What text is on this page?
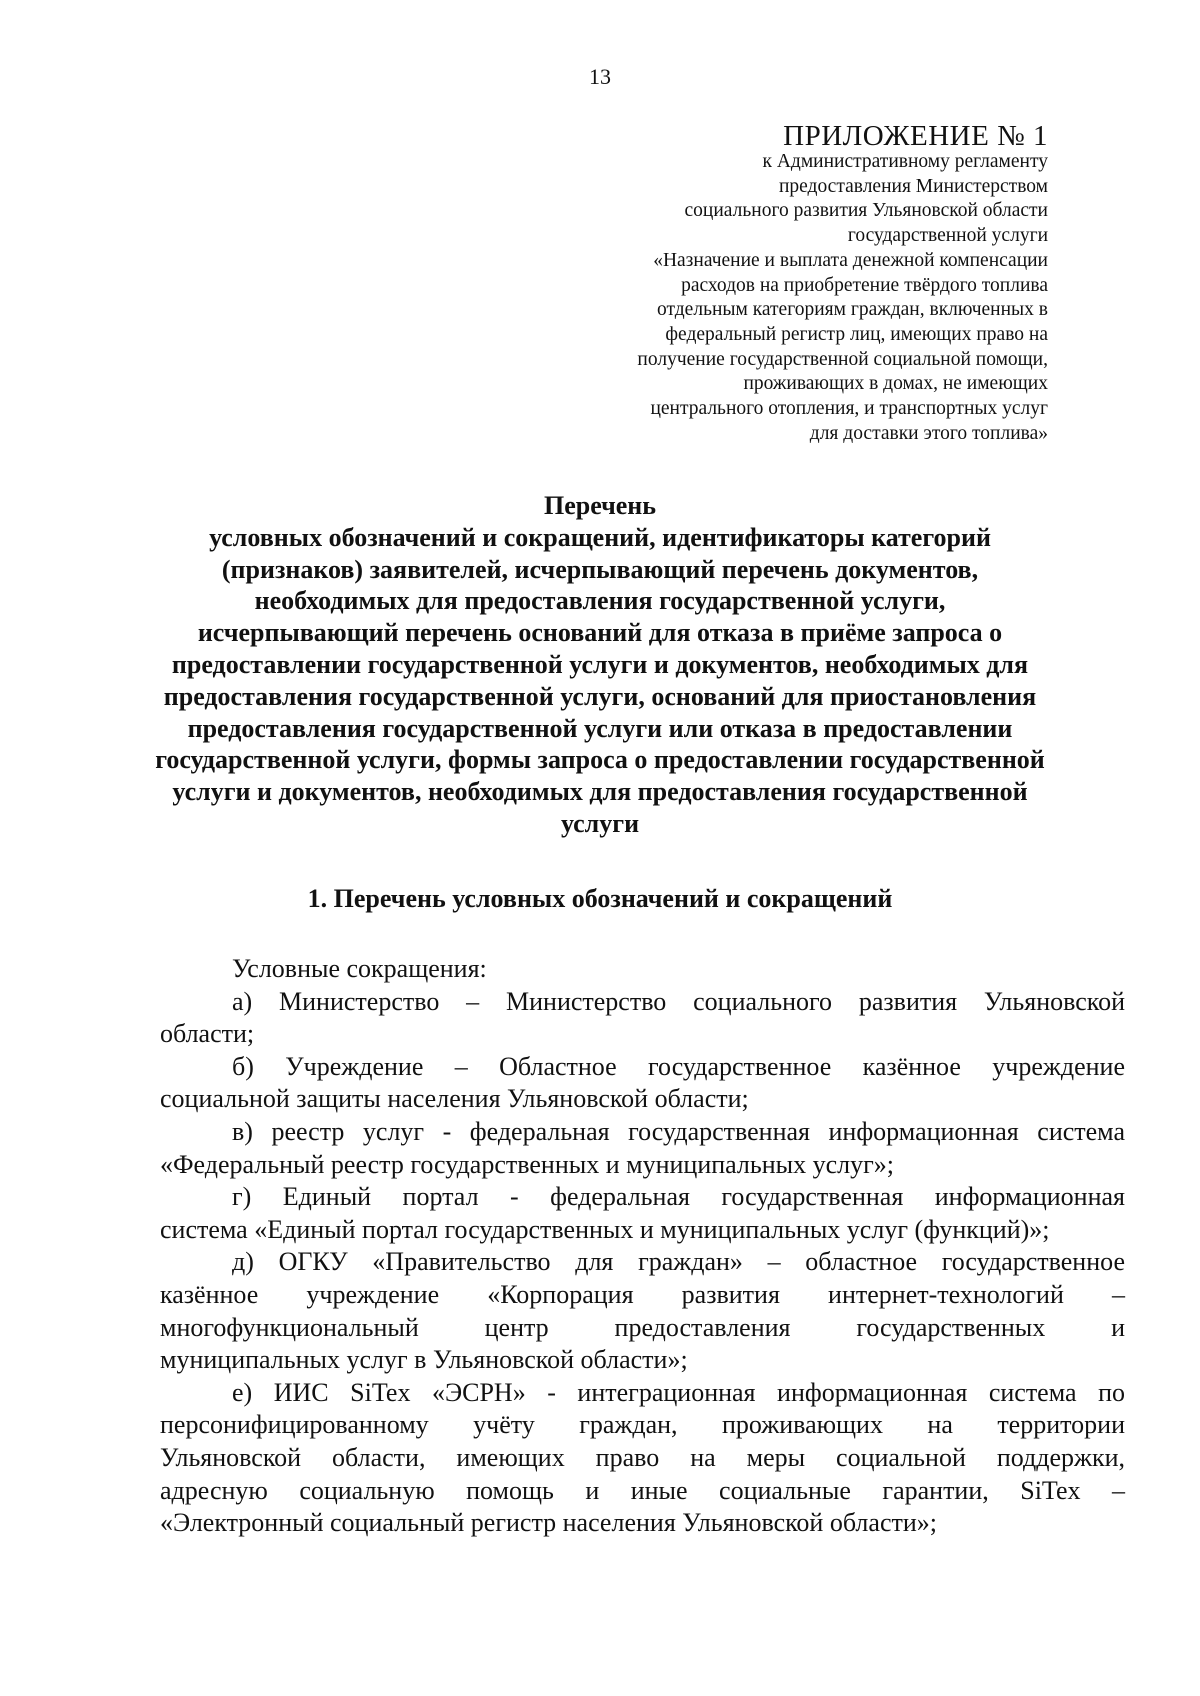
13
ПРИЛОЖЕНИЕ № 1
к Административному регламенту
предоставления Министерством
социального развития Ульяновской области
государственной услуги
«Назначение и выплата денежной компенсации
расходов на приобретение твёрдого топлива
отдельным категориям граждан, включенных в
федеральный регистр лиц, имеющих право на
получение государственной социальной помощи,
проживающих в домах, не имеющих
центрального отопления, и транспортных услуг
для доставки этого топлива»
Перечень
условных обозначений и сокращений, идентификаторы категорий
(признаков) заявителей, исчерпывающий перечень документов,
необходимых для предоставления государственной услуги,
исчерпывающий перечень оснований для отказа в приёме запроса о
предоставлении государственной услуги и документов, необходимых для
предоставления государственной услуги, оснований для приостановления
предоставления государственной услуги или отказа в предоставлении
государственной услуги, формы запроса о предоставлении государственной
услуги и документов, необходимых для предоставления государственной
услуги
1. Перечень условных обозначений и сокращений
Условные сокращения:
а) Министерство – Министерство социального развития Ульяновской
области;
б) Учреждение – Областное государственное казённое учреждение
социальной защиты населения Ульяновской области;
в) реестр услуг - федеральная государственная информационная система
«Федеральный реестр государственных и муниципальных услуг»;
г) Единый портал - федеральная государственная информационная
система «Единый портал государственных и муниципальных услуг (функций)»;
д) ОГКУ «Правительство для граждан» – областное государственное
казённое учреждение «Корпорация развития интернет-технологий –
многофункциональный центр предоставления государственных и
муниципальных услуг в Ульяновской области»;
е) ИИС SiTex «ЭСРН» - интеграционная информационная система по
персонифицированному учёту граждан, проживающих на территории
Ульяновской области, имеющих право на меры социальной поддержки,
адресную социальную помощь и иные социальные гарантии, SiTex –
«Электронный социальный регистр населения Ульяновской области»;
